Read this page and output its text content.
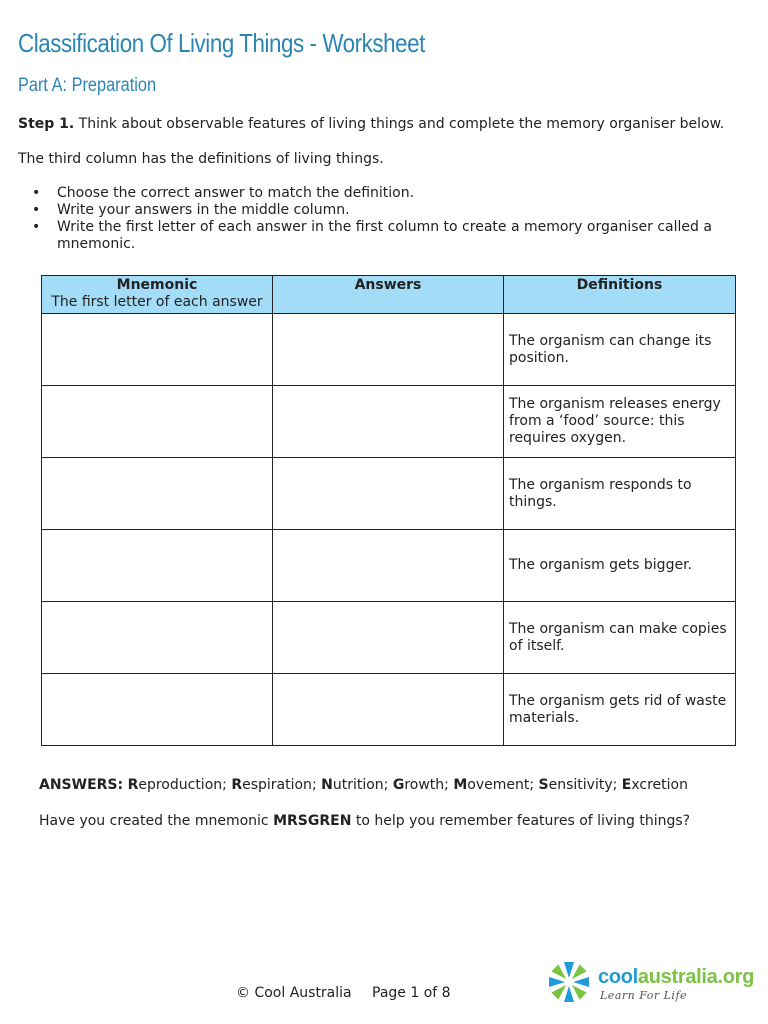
Classification Of Living Things - Worksheet
Part A: Preparation

Step 1. Think about observable features of living things and complete the memory organiser below.

The third column has the definitions of living things.

• Choose the correct answer to match the definition.
• Write your answers in the middle column.
• Write the first letter of each answer in the first column to create a memory organiser called a mnemonic.
Mnemonic
The first letter of each answer	Answers	Definitions
		The organism can change its position.
		The organism releases energy from a ‘food’ source: this requires oxygen.
		The organism responds to things.
		The organism gets bigger.
		The organism can make copies of itself.
		The organism gets rid of waste materials.

ANSWERS: Reproduction; Respiration; Nutrition; Growth; Movement; Sensitivity; Excretion

Have you created the mnemonic MRSGREN to help you remember features of living things?

© Cool Australia Page 1 of 8
coolaustralia.org
Learn For Life
